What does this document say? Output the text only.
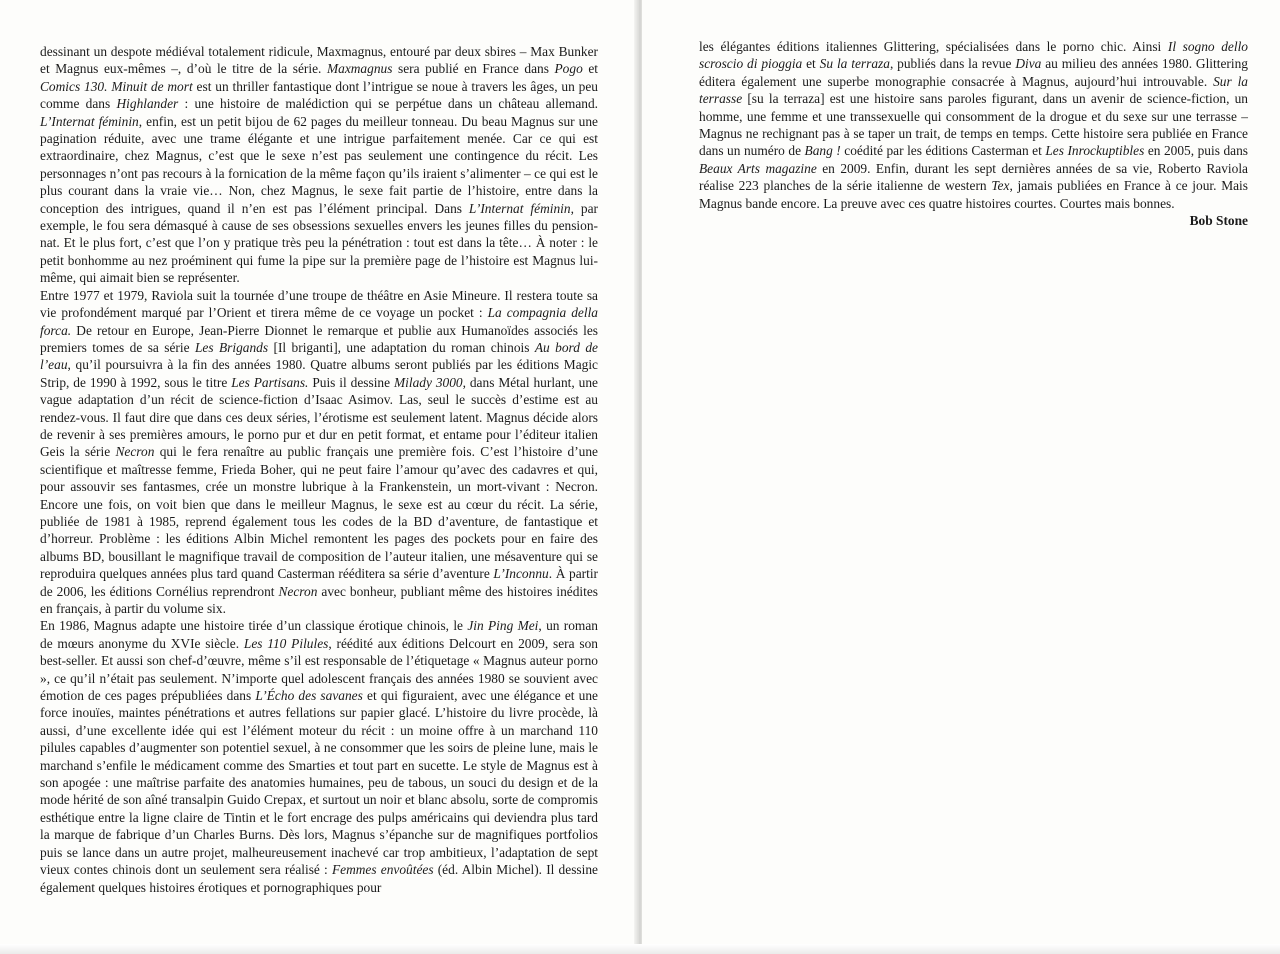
dessinant un despote médiéval totalement ridicule, Maxmagnus, entouré par deux sbires – Max Bunker et Magnus eux-mêmes –, d’où le titre de la série. Maxmagnus sera publié en France dans Pogo et Comics 130. Minuit de mort est un thriller fantastique dont l’intrigue se noue à travers les âges, un peu comme dans Highlander : une histoire de malédiction qui se perpétue dans un château allemand. L’Internat féminin, enfin, est un petit bijou de 62 pages du meilleur tonneau. Du beau Magnus sur une pagination réduite, avec une trame élégante et une intrigue parfaitement menée. Car ce qui est extraordinaire, chez Magnus, c’est que le sexe n’est pas seulement une contingence du récit. Les personnages n’ont pas recours à la fornication de la même façon qu’ils iraient s’alimenter – ce qui est le plus courant dans la vraie vie… Non, chez Magnus, le sexe fait partie de l’histoire, entre dans la conception des intrigues, quand il n’en est pas l’élément principal. Dans L’Internat féminin, par exemple, le fou sera démasqué à cause de ses obsessions sexuelles envers les jeunes filles du pensionnat. Et le plus fort, c’est que l’on y pratique très peu la pénétration : tout est dans la tête… À noter : le petit bonhomme au nez proéminent qui fume la pipe sur la première page de l’histoire est Magnus lui-même, qui aimait bien se représenter.

Entre 1977 et 1979, Raviola suit la tournée d’une troupe de théâtre en Asie Mineure. Il restera toute sa vie profondément marqué par l’Orient et tirera même de ce voyage un pocket : La compagnia della forca. De retour en Europe, Jean-Pierre Dionnet le remarque et publie aux Humanoïdes associés les premiers tomes de sa série Les Brigands [Il briganti], une adaptation du roman chinois Au bord de l’eau, qu’il poursuivra à la fin des années 1980. Quatre albums seront publiés par les éditions Magic Strip, de 1990 à 1992, sous le titre Les Partisans. Puis il dessine Milady 3000, dans Métal hurlant, une vague adaptation d’un récit de science-fiction d’Isaac Asimov. Las, seul le succès d’estime est au rendez-vous. Il faut dire que dans ces deux séries, l’érotisme est seulement latent. Magnus décide alors de revenir à ses premières amours, le porno pur et dur en petit format, et entame pour l’éditeur italien Geis la série Necron qui le fera renaître au public français une première fois. C’est l’histoire d’une scientifique et maîtresse femme, Frieda Boher, qui ne peut faire l’amour qu’avec des cadavres et qui, pour assouvir ses fantasmes, crée un monstre lubrique à la Frankenstein, un mort-vivant : Necron. Encore une fois, on voit bien que dans le meilleur Magnus, le sexe est au cœur du récit. La série, publiée de 1981 à 1985, reprend également tous les codes de la BD d’aventure, de fantastique et d’horreur. Problème : les éditions Albin Michel remontent les pages des pockets pour en faire des albums BD, bousillant le magnifique travail de composition de l’auteur italien, une mésaventure qui se reproduira quelques années plus tard quand Casterman rééditera sa série d’aventure L’Inconnu. À partir de 2006, les éditions Cornélius reprendront Necron avec bonheur, publiant même des histoires inédites en français, à partir du volume six.

En 1986, Magnus adapte une histoire tirée d’un classique érotique chinois, le Jin Ping Mei, un roman de mœurs anonyme du XVIe siècle. Les 110 Pilules, réédité aux éditions Delcourt en 2009, sera son best-seller. Et aussi son chef-d’œuvre, même s’il est responsable de l’étiquetage « Magnus auteur porno », ce qu’il n’était pas seulement. N’importe quel adolescent français des années 1980 se souvient avec émotion de ces pages prépubliées dans L’Écho des savanes et qui figuraient, avec une élégance et une force inouïes, maintes pénétrations et autres fellations sur papier glacé. L’histoire du livre procède, là aussi, d’une excellente idée qui est l’élément moteur du récit : un moine offre à un marchand 110 pilules capables d’augmenter son potentiel sexuel, à ne consommer que les soirs de pleine lune, mais le marchand s’enfile le médicament comme des Smarties et tout part en sucette. Le style de Magnus est à son apogée : une maîtrise parfaite des anatomies humaines, peu de tabous, un souci du design et de la mode hérité de son aîné transalpin Guido Crepax, et surtout un noir et blanc absolu, sorte de compromis esthétique entre la ligne claire de Tintin et le fort encrage des pulps américains qui deviendra plus tard la marque de fabrique d’un Charles Burns. Dès lors, Magnus s’épanche sur de magnifiques portfolios puis se lance dans un autre projet, malheureusement inachevé car trop ambitieux, l’adaptation de sept vieux contes chinois dont un seulement sera réalisé : Femmes envoûtées (éd. Albin Michel). Il dessine également quelques histoires érotiques et pornographiques pour

les élégantes éditions italiennes Glittering, spécialisées dans le porno chic. Ainsi Il sogno dello scroscio di pioggia et Su la terraza, publiés dans la revue Diva au milieu des années 1980. Glittering éditera également une superbe monographie consacrée à Magnus, aujourd’hui introuvable. Sur la terrasse [su la terraza] est une histoire sans paroles figurant, dans un avenir de science-fiction, un homme, une femme et une transsexuelle qui consomment de la drogue et du sexe sur une terrasse – Magnus ne rechignant pas à se taper un trait, de temps en temps. Cette histoire sera publiée en France dans un numéro de Bang ! coédité par les éditions Casterman et Les Inrockuptibles en 2005, puis dans Beaux Arts magazine en 2009. Enfin, durant les sept dernières années de sa vie, Roberto Raviola réalise 223 planches de la série italienne de western Tex, jamais publiées en France à ce jour. Mais Magnus bande encore. La preuve avec ces quatre histoires courtes. Courtes mais bonnes.

Bob Stone
